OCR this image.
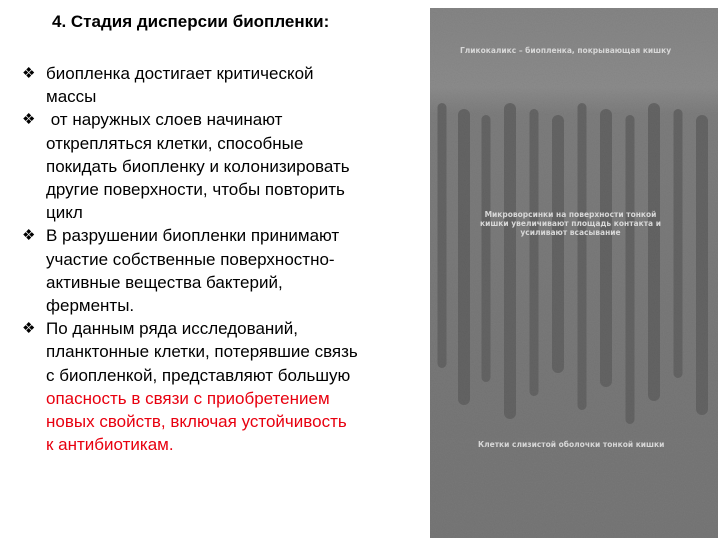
4. Стадия дисперсии биопленки:
❖ биопленка достигает критической
массы
❖ от наружных слоев начинают
открепляться клетки, способные
покидать биопленку и колонизировать
другие поверхности, чтобы повторить
цикл
❖ В разрушении биопленки принимают
участие собственные поверхностно-
активные вещества бактерий,
ферменты.
❖ По данным ряда исследований,
планктонные клетки, потерявшие связь
с биопленкой, представляют большую
опасность в связи с приобретением
новых свойств, включая устойчивость
к антибиотикам.
Гликокаликс – биопленка, покрывающая кишку
Микроворсинки на поверхности тонкой
кишки увеличивают площадь контакта и
усиливают всасывание
Клетки слизистой оболочки тонкой кишки
